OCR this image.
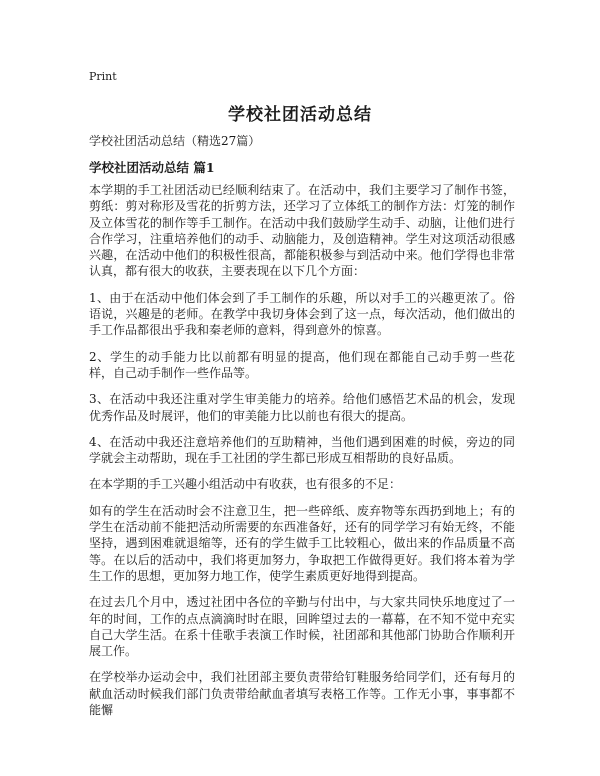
Print
学校社团活动总结
学校社团活动总结（精选27篇）
学校社团活动总结 篇1

本学期的手工社团活动已经顺利结束了。在活动中，我们主要学习了制作书签，剪纸：剪对称形及雪花的折剪方法，还学习了立体纸工的制作方法：灯笼的制作及立体雪花的制作等手工制作。在活动中我们鼓励学生动手、动脑，让他们进行合作学习，注重培养他们的动手、动脑能力，及创造精神。学生对这项活动很感兴趣，在活动中他们的积极性很高，都能积极参与到活动中来。他们学得也非常认真，都有很大的收获，主要表现在以下几个方面：

1、由于在活动中他们体会到了手工制作的乐趣，所以对手工的兴趣更浓了。俗语说，兴趣是的老师。在教学中我切身体会到了这一点，每次活动，他们做出的手工作品都很出乎我和秦老师的意料，得到意外的惊喜。

2、学生的动手能力比以前都有明显的提高，他们现在都能自己动手剪一些花样，自己动手制作一些作品等。

3、在活动中我还注重对学生审美能力的培养。给他们感悟艺术品的机会，发现优秀作品及时展评，他们的审美能力比以前也有很大的提高。

4、在活动中我还注意培养他们的互助精神，当他们遇到困难的时候，旁边的同学就会主动帮助，现在手工社团的学生都已形成互相帮助的良好品质。

在本学期的手工兴趣小组活动中有收获，也有很多的不足：

如有的学生在活动时会不注意卫生，把一些碎纸、废弃物等东西扔到地上；有的学生在活动前不能把活动所需要的东西准备好，还有的同学学习有始无终，不能坚持，遇到困难就退缩等，还有的学生做手工比较粗心，做出来的作品质量不高等。在以后的活动中，我们将更加努力，争取把工作做得更好。我们将本着为学生工作的思想，更加努力地工作，使学生素质更好地得到提高。

在过去几个月中，透过社团中各位的辛勤与付出中，与大家共同快乐地度过了一年的时间，工作的点点滴滴时时在眼，回眸望过去的一幕幕，在不知不觉中充实自己大学生活。在系十佳歌手表演工作时候，社团部和其他部门协助合作顺利开展工作。

在学校举办运动会中，我们社团部主要负责带给钉鞋服务给同学们，还有每月的献血活动时候我们部门负责带给献血者填写表格工作等。工作无小事，事事都不能懈
